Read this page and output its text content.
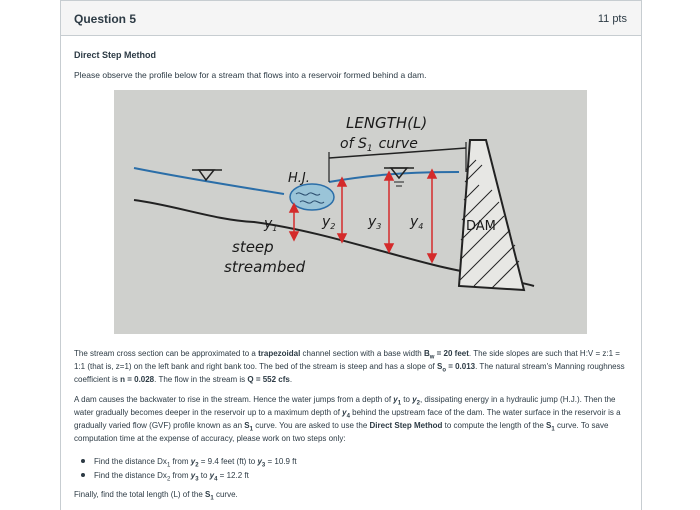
Question 5	11 pts
Direct Step Method
Please observe the profile below for a stream that flows into a reservoir formed behind a dam.
LENGTH(L)
of $S_1$ curve
H.J.
$y_1$	$y_2$ $y_3$ $y_4$	DAM
steep
streambed
The stream cross section can be approximated to a trapezoidal channel section with a base width $B_w = 20$ feet. The side slopes are such that H:V = z:1 = 1:1 (that is, z=1) on the left bank and right bank too. The bed of the stream is steep and has a slope of $S_o = 0.013$. The natural stream's Manning roughness coefficient is n = 0.028. The flow in the stream is Q = 552 cfs.
A dam causes the backwater to rise in the stream. Hence the water jumps from a depth of $y_1$ to $y_2$, dissipating energy in a hydraulic jump (H.J.). Then the water gradually becomes deeper in the reservoir up to a maximum depth of $y_4$ behind the upstream face of the dam. The water surface in the reservoir is a gradually varied flow (GVF) profile known as an $S_1$ curve. You are asked to use the Direct Step Method to compute the length of the $S_1$ curve. To save computation time at the expense of accuracy, please work on two steps only:
Find the distance $Dx_1$ from $y_2 = 9.4$ feet (ft) to $y_3 = 10.9$ ft
Find the distance $Dx_2$ from $y_3$ to $y_4 = 12.2$ ft
Finally, find the total length (L) of the $S_1$ curve.
